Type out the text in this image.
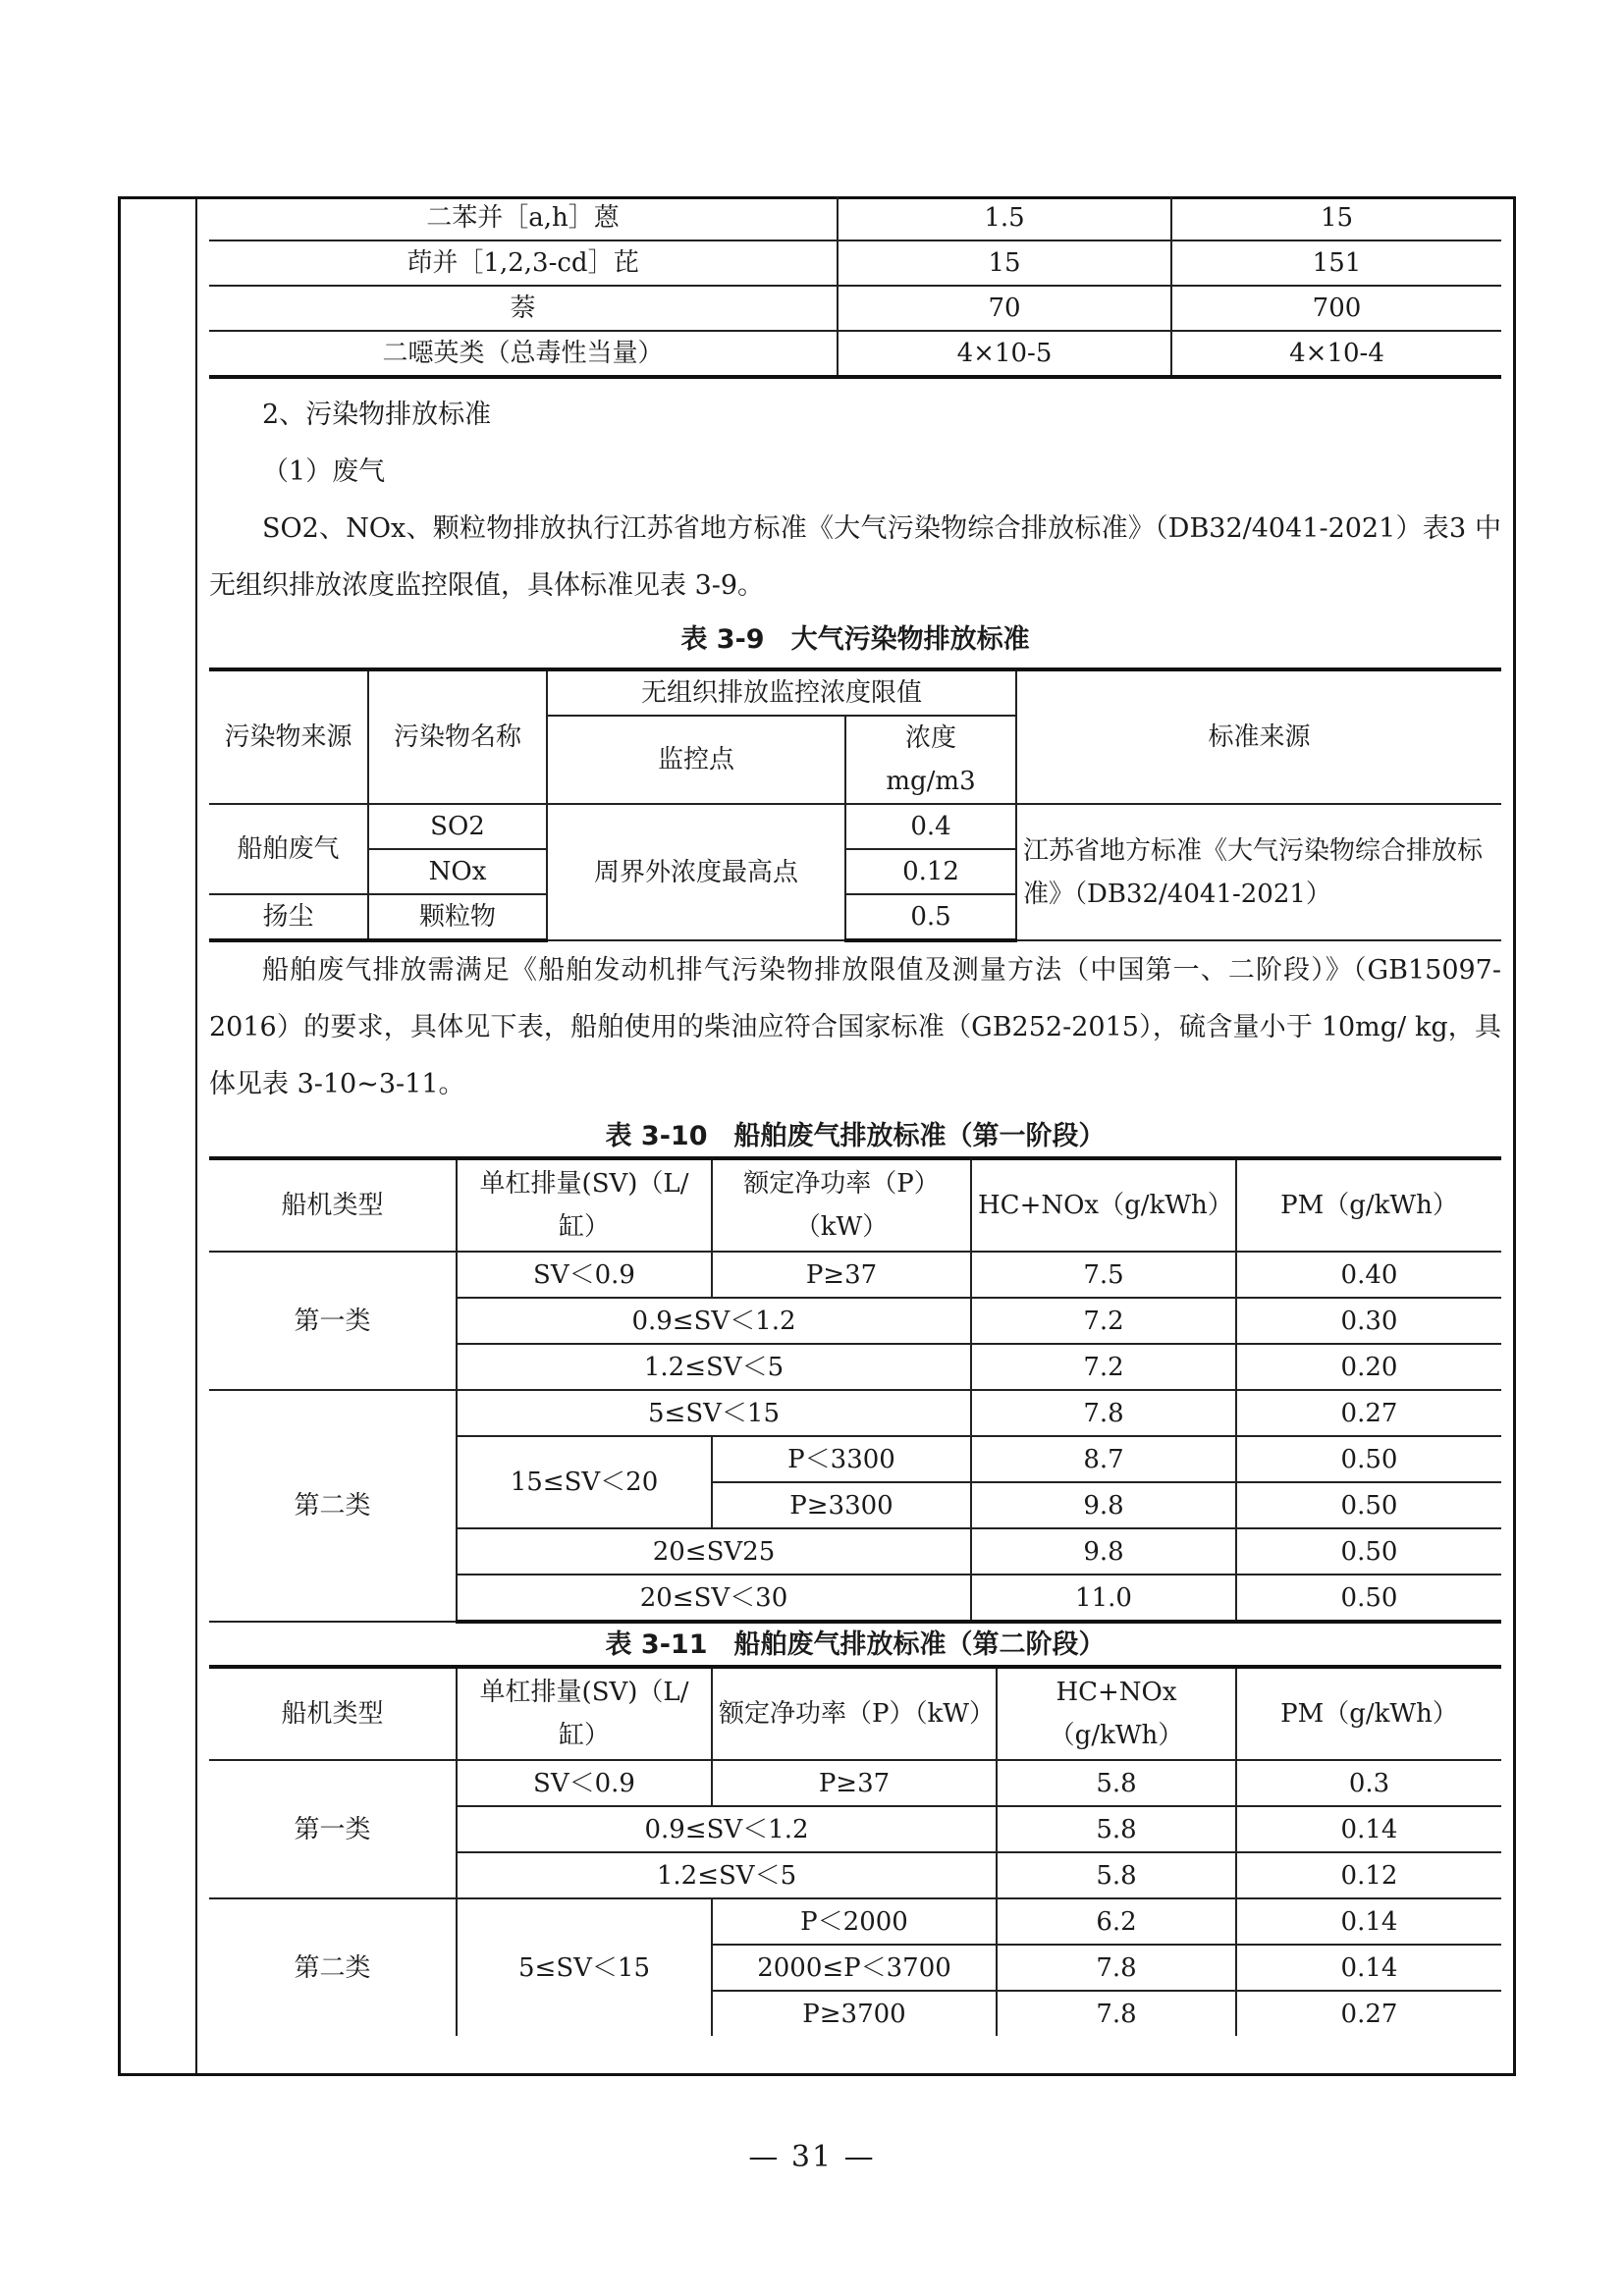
二苯并［a,h］蒽	1.5	15
茚并［1,2,3-cd］芘	15	151
萘	70	700
二噁英类（总毒性当量）	4×10-5	4×10-4
2、污染物排放标准
（1）废气
SO2、NOx、颗粒物排放执行江苏省地方标准《大气污染物综合排放标准》（DB32/4041-2021）表3 中无组织排放浓度监控限值，具体标准见表 3-9。
表 3-9　大气污染物排放标准
污染物来源	污染物名称	无组织排放监控浓度限值		标准来源
		监控点	浓度
mg/m3	

船舶废气	SO2	周界外浓度最高点	0.4	江苏省地方标准《大气污染物综合排放标准》（DB32/4041-2021）
	NOx		0.12	
扬尘	颗粒物		0.5	
船舶废气排放需满足《船舶发动机排气污染物排放限值及测量方法（中国第一、二阶段）》（GB15097-2016）的要求，具体见下表，船舶使用的柴油应符合国家标准（GB252-2015），硫含量小于 10mg/ kg，具体见表 3-10~3-11。
表 3-10　船舶废气排放标准（第一阶段）
船机类型	单杠排量(SV)（L/缸）	额定净功率（P）（kW）	HC+NOx（g/kWh）	PM（g/kWh）
第一类	SV＜0.9	P≥37	7.5	0.40
	0.9≤SV＜1.2		7.2	0.30
	1.2≤SV＜5		7.2	0.20
第二类	5≤SV＜15		7.8	0.27
	15≤SV＜20	P＜3300	8.7	0.50
		P≥3300	9.8	0.50
	20≤SV25		9.8	0.50
	20≤SV＜30		11.0	0.50
表 3-11　船舶废气排放标准（第二阶段）
船机类型	单杠排量(SV)（L/缸）	额定净功率（P）（kW）	HC+NOx（g/kWh）	PM（g/kWh）
第一类	SV＜0.9	P≥37	5.8	0.3
	0.9≤SV＜1.2		5.8	0.14
	1.2≤SV＜5		5.8	0.12
第二类	5≤SV＜15	P＜2000	6.2	0.14
		2000≤P＜3700	7.8	0.14
		P≥3700	7.8	0.27
— 31 —
